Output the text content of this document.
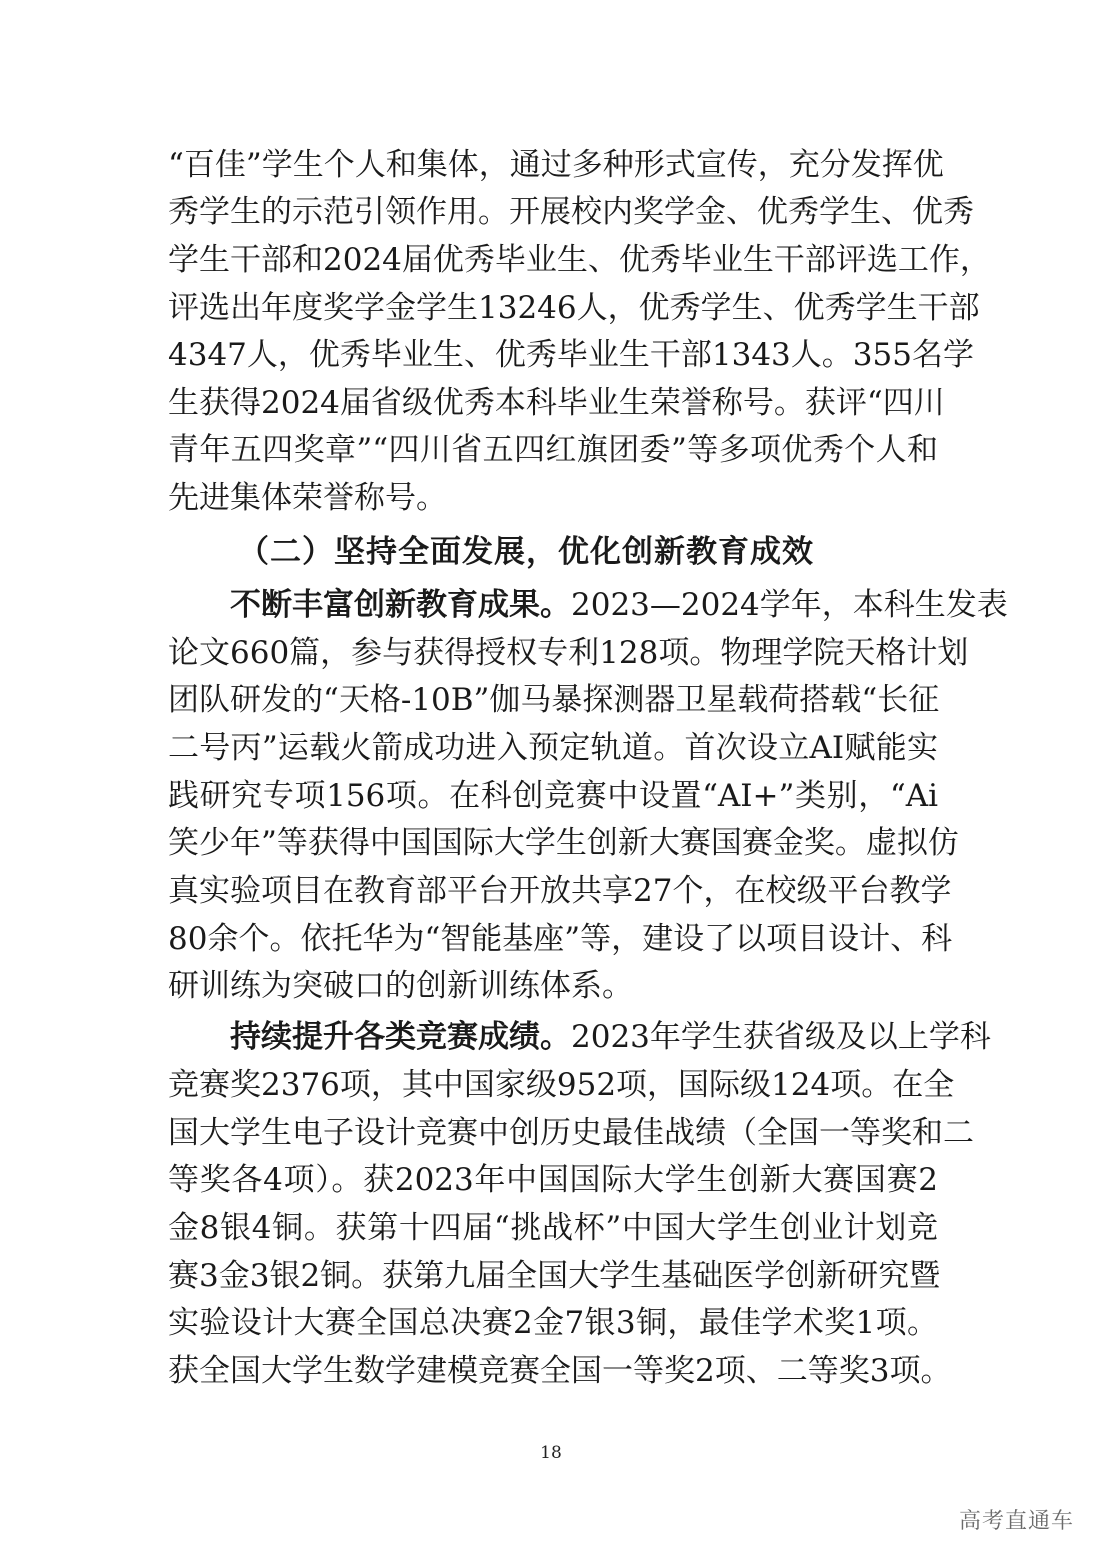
“百佳”学生个人和集体，通过多种形式宣传，充分发挥优
秀学生的示范引领作用。开展校内奖学金、优秀学生、优秀
学生干部和2024届优秀毕业生、优秀毕业生干部评选工作，
评选出年度奖学金学生13246人，优秀学生、优秀学生干部
4347人，优秀毕业生、优秀毕业生干部1343人。355名学
生获得2024届省级优秀本科毕业生荣誉称号。获评“四川
青年五四奖章”“四川省五四红旗团委”等多项优秀个人和
先进集体荣誉称号。
（二）坚持全面发展，优化创新教育成效
不断丰富创新教育成果。2023—2024学年，本科生发表
论文660篇，参与获得授权专利128项。物理学院天格计划
团队研发的“天格-10B”伽马暴探测器卫星载荷搭载“长征
二号丙”运载火箭成功进入预定轨道。首次设立AI赋能实
践研究专项156项。在科创竞赛中设置“AI+”类别，“Ai
笑少年”等获得中国国际大学生创新大赛国赛金奖。虚拟仿
真实验项目在教育部平台开放共享27个，在校级平台教学
80余个。依托华为“智能基座”等，建设了以项目设计、科
研训练为突破口的创新训练体系。
持续提升各类竞赛成绩。2023年学生获省级及以上学科
竞赛奖2376项，其中国家级952项，国际级124项。在全
国大学生电子设计竞赛中创历史最佳战绩（全国一等奖和二
等奖各4项）。获2023年中国国际大学生创新大赛国赛2
金8银4铜。获第十四届“挑战杯”中国大学生创业计划竞
赛3金3银2铜。获第九届全国大学生基础医学创新研究暨
实验设计大赛全国总决赛2金7银3铜，最佳学术奖1项。
获全国大学生数学建模竞赛全国一等奖2项、二等奖3项。
18
高考直通车
